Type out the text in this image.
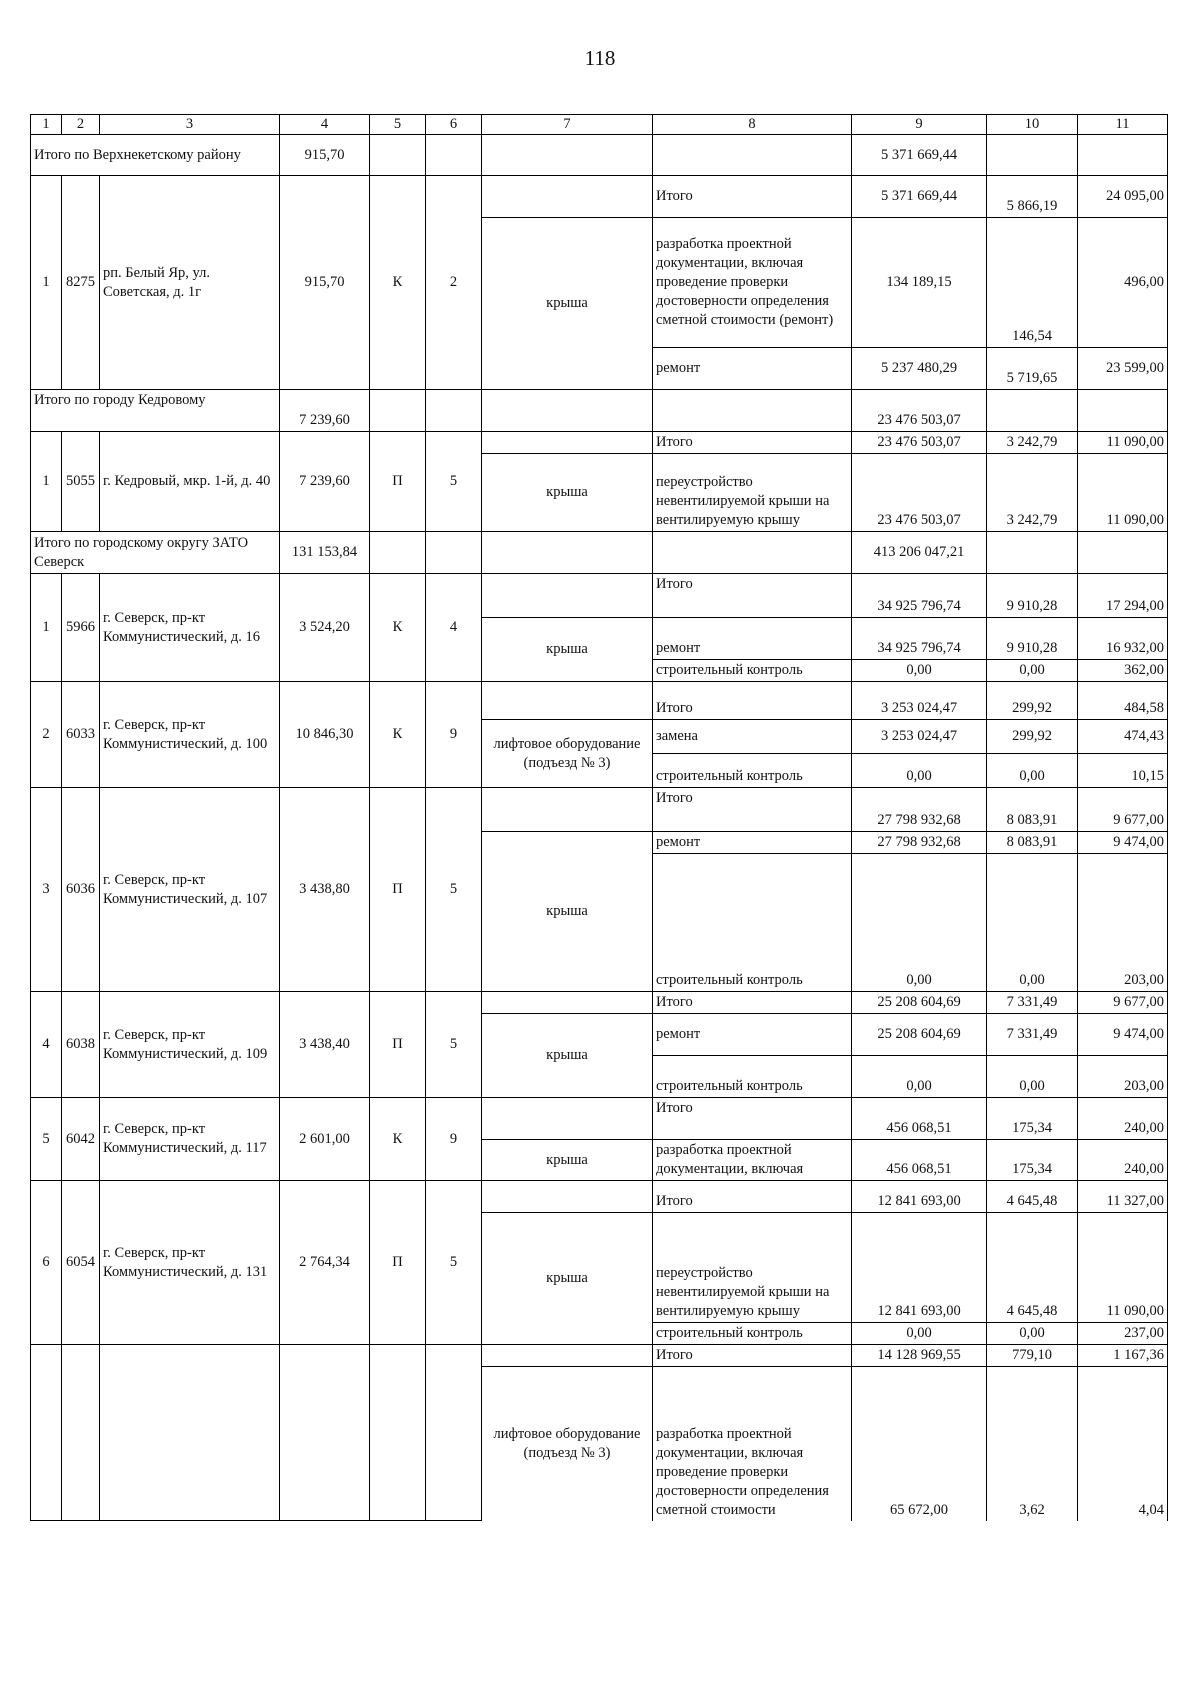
118
1	2	3	4	5	6	7	8	9	10	11
Итого по Верхнекетскому району			915,70					5 371 669,44		
1	8275	рп. Белый Яр, ул. Советская, д. 1г	915,70	К	2		Итого	5 371 669,44	5 866,19	24 095,00
						крыша	разработка проектной документации, включая проведение проверки достоверности определения сметной стоимости (ремонт)	134 189,15	146,54	496,00
							ремонт	5 237 480,29	5 719,65	23 599,00
Итого по городу Кедровому			7 239,60					23 476 503,07		
1	5055	г. Кедровый, мкр. 1-й, д. 40	7 239,60	П	5		Итого	23 476 503,07	3 242,79	11 090,00
						крыша	переустройство невентилируемой крыши на вентилируемую крышу	23 476 503,07	3 242,79	11 090,00
Итого по городскому округу ЗАТО Северск			131 153,84					413 206 047,21		
1	5966	г. Северск, пр-кт Коммунистический, д. 16	3 524,20	К	4		Итого	34 925 796,74	9 910,28	17 294,00
						крыша	ремонт	34 925 796,74	9 910,28	16 932,00
							строительный контроль	0,00	0,00	362,00
2	6033	г. Северск, пр-кт Коммунистический, д. 100	10 846,30	К	9		Итого	3 253 024,47	299,92	484,58
						лифтовое оборудование (подъезд № 3)	замена	3 253 024,47	299,92	474,43
							строительный контроль	0,00	0,00	10,15
3	6036	г. Северск, пр-кт Коммунистический, д. 107	3 438,80	П	5		Итого	27 798 932,68	8 083,91	9 677,00
						крыша	ремонт	27 798 932,68	8 083,91	9 474,00
							строительный контроль	0,00	0,00	203,00
4	6038	г. Северск, пр-кт Коммунистический, д. 109	3 438,40	П	5		Итого	25 208 604,69	7 331,49	9 677,00
						крыша	ремонт	25 208 604,69	7 331,49	9 474,00
							строительный контроль	0,00	0,00	203,00
5	6042	г. Северск, пр-кт Коммунистический, д. 117	2 601,00	К	9		Итого	456 068,51	175,34	240,00
						крыша	разработка проектной документации, включая	456 068,51	175,34	240,00
6	6054	г. Северск, пр-кт Коммунистический, д. 131	2 764,34	П	5		Итого	12 841 693,00	4 645,48	11 327,00
						крыша	переустройство невентилируемой крыши на вентилируемую крышу	12 841 693,00	4 645,48	11 090,00
							строительный контроль	0,00	0,00	237,00
							Итого	14 128 969,55	779,10	1 167,36
						лифтовое оборудование (подъезд № 3)	разработка проектной документации, включая проведение проверки достоверности определения сметной стоимости	65 672,00	3,62	4,04
